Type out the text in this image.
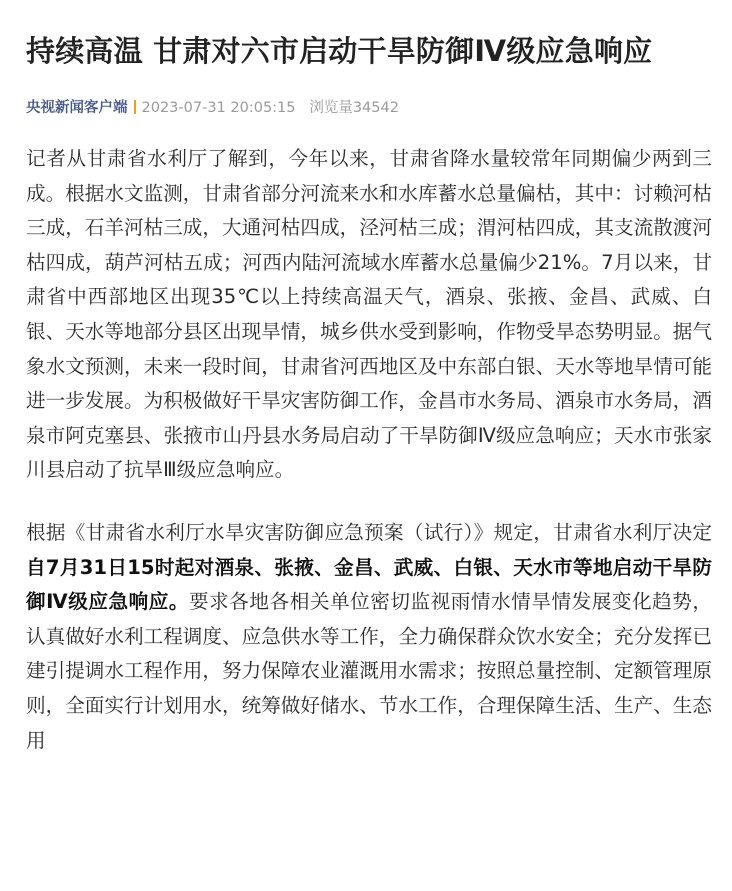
持续高温 甘肃对六市启动干旱防御Ⅳ级应急响应
央视新闻客户端 2023-07-31 20:05:15 浏览量34542

记者从甘肃省水利厅了解到，今年以来，甘肃省降水量较常年同期偏少两到三成。根据水文监测，甘肃省部分河流来水和水库蓄水总量偏枯，其中：讨赖河枯三成，石羊河枯三成，大通河枯四成，泾河枯三成；渭河枯四成，其支流散渡河枯四成，葫芦河枯五成；河西内陆河流域水库蓄水总量偏少21%。7月以来，甘肃省中西部地区出现35℃以上持续高温天气，酒泉、张掖、金昌、武威、白银、天水等地部分县区出现旱情，城乡供水受到影响，作物受旱态势明显。据气象水文预测，未来一段时间，甘肃省河西地区及中东部白银、天水等地旱情可能进一步发展。为积极做好干旱灾害防御工作，金昌市水务局、酒泉市水务局，酒泉市阿克塞县、张掖市山丹县水务局启动了干旱防御Ⅳ级应急响应；天水市张家川县启动了抗旱Ⅲ级应急响应。

根据《甘肃省水利厅水旱灾害防御应急预案（试行）》规定，甘肃省水利厅决定自7月31日15时起对酒泉、张掖、金昌、武威、白银、天水市等地启动干旱防御Ⅳ级应急响应。要求各地各相关单位密切监视雨情水情旱情发展变化趋势，认真做好水利工程调度、应急供水等工作，全力确保群众饮水安全；充分发挥已建引提调水工程作用，努力保障农业灌溉用水需求；按照总量控制、定额管理原则，全面实行计划用水，统筹做好储水、节水工作，合理保障生活、生产、生态用
